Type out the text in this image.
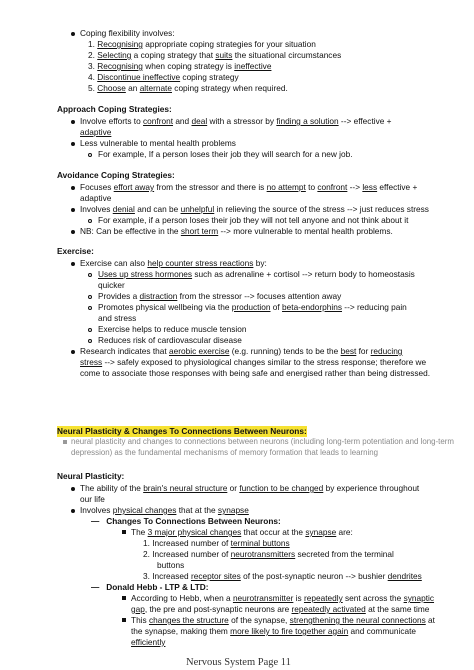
Coping flexibility involves:
1. Recognising appropriate coping strategies for your situation
2. Selecting a coping strategy that suits the situational circumstances
3. Recognising when coping strategy is ineffective
4. Discontinue ineffective coping strategy
5. Choose an alternate coping strategy when required.
Approach Coping Strategies:
Involve efforts to confront and deal with a stressor by finding a solution --> effective +
adaptive
Less vulnerable to mental health problems
For example, If a person loses their job they will search for a new job.
Avoidance Coping Strategies:
Focuses effort away from the stressor and there is no attempt to confront --> less effective +
adaptive
Involves denial and can be unhelpful in relieving the source of the stress --> just reduces stress
For example, if a person loses their job they will not tell anyone and not think about it
NB: Can be effective in the short term --> more vulnerable to mental health problems.
Exercise:
Exercise can also help counter stress reactions by:
Uses up stress hormones such as adrenaline + cortisol --> return body to homeostasis
quicker
Provides a distraction from the stressor --> focuses attention away
Promotes physical wellbeing via the production of beta-endorphins --> reducing pain
and stress
Exercise helps to reduce muscle tension
Reduces risk of cardiovascular disease
Research indicates that aerobic exercise (e.g. running) tends to be the best for reducing
stress --> safely exposed to physiological changes similar to the stress response; therefore we
come to associate those responses with being safe and energised rather than being distressed.
Neural Plasticity & Changes To Connections Between Neurons:
neural plasticity and changes to connections between neurons (including long-term potentiation and long-term
depression) as the fundamental mechanisms of memory formation that leads to learning
Neural Plasticity:
The ability of the brain's neural structure or function to be changed by experience throughout
our life
Involves physical changes that at the synapse
—   Changes To Connections Between Neurons:
The 3 major physical changes that occur at the synapse are:
1. Increased number of terminal buttons
2. Increased number of neurotransmitters secreted from the terminal
buttons
3. Increased receptor sites of the post-synaptic neuron --> bushier dendrites
—   Donald Hebb - LTP & LTD:
According to Hebb, when a neurotransmitter is repeatedly sent across the synaptic
gap, the pre and post-synaptic neurons are repeatedly activated at the same time
This changes the structure of the synapse, strengthening the neural connections at
the synapse, making them more likely to fire together again and communicate
efficiently
Nervous System Page 11
